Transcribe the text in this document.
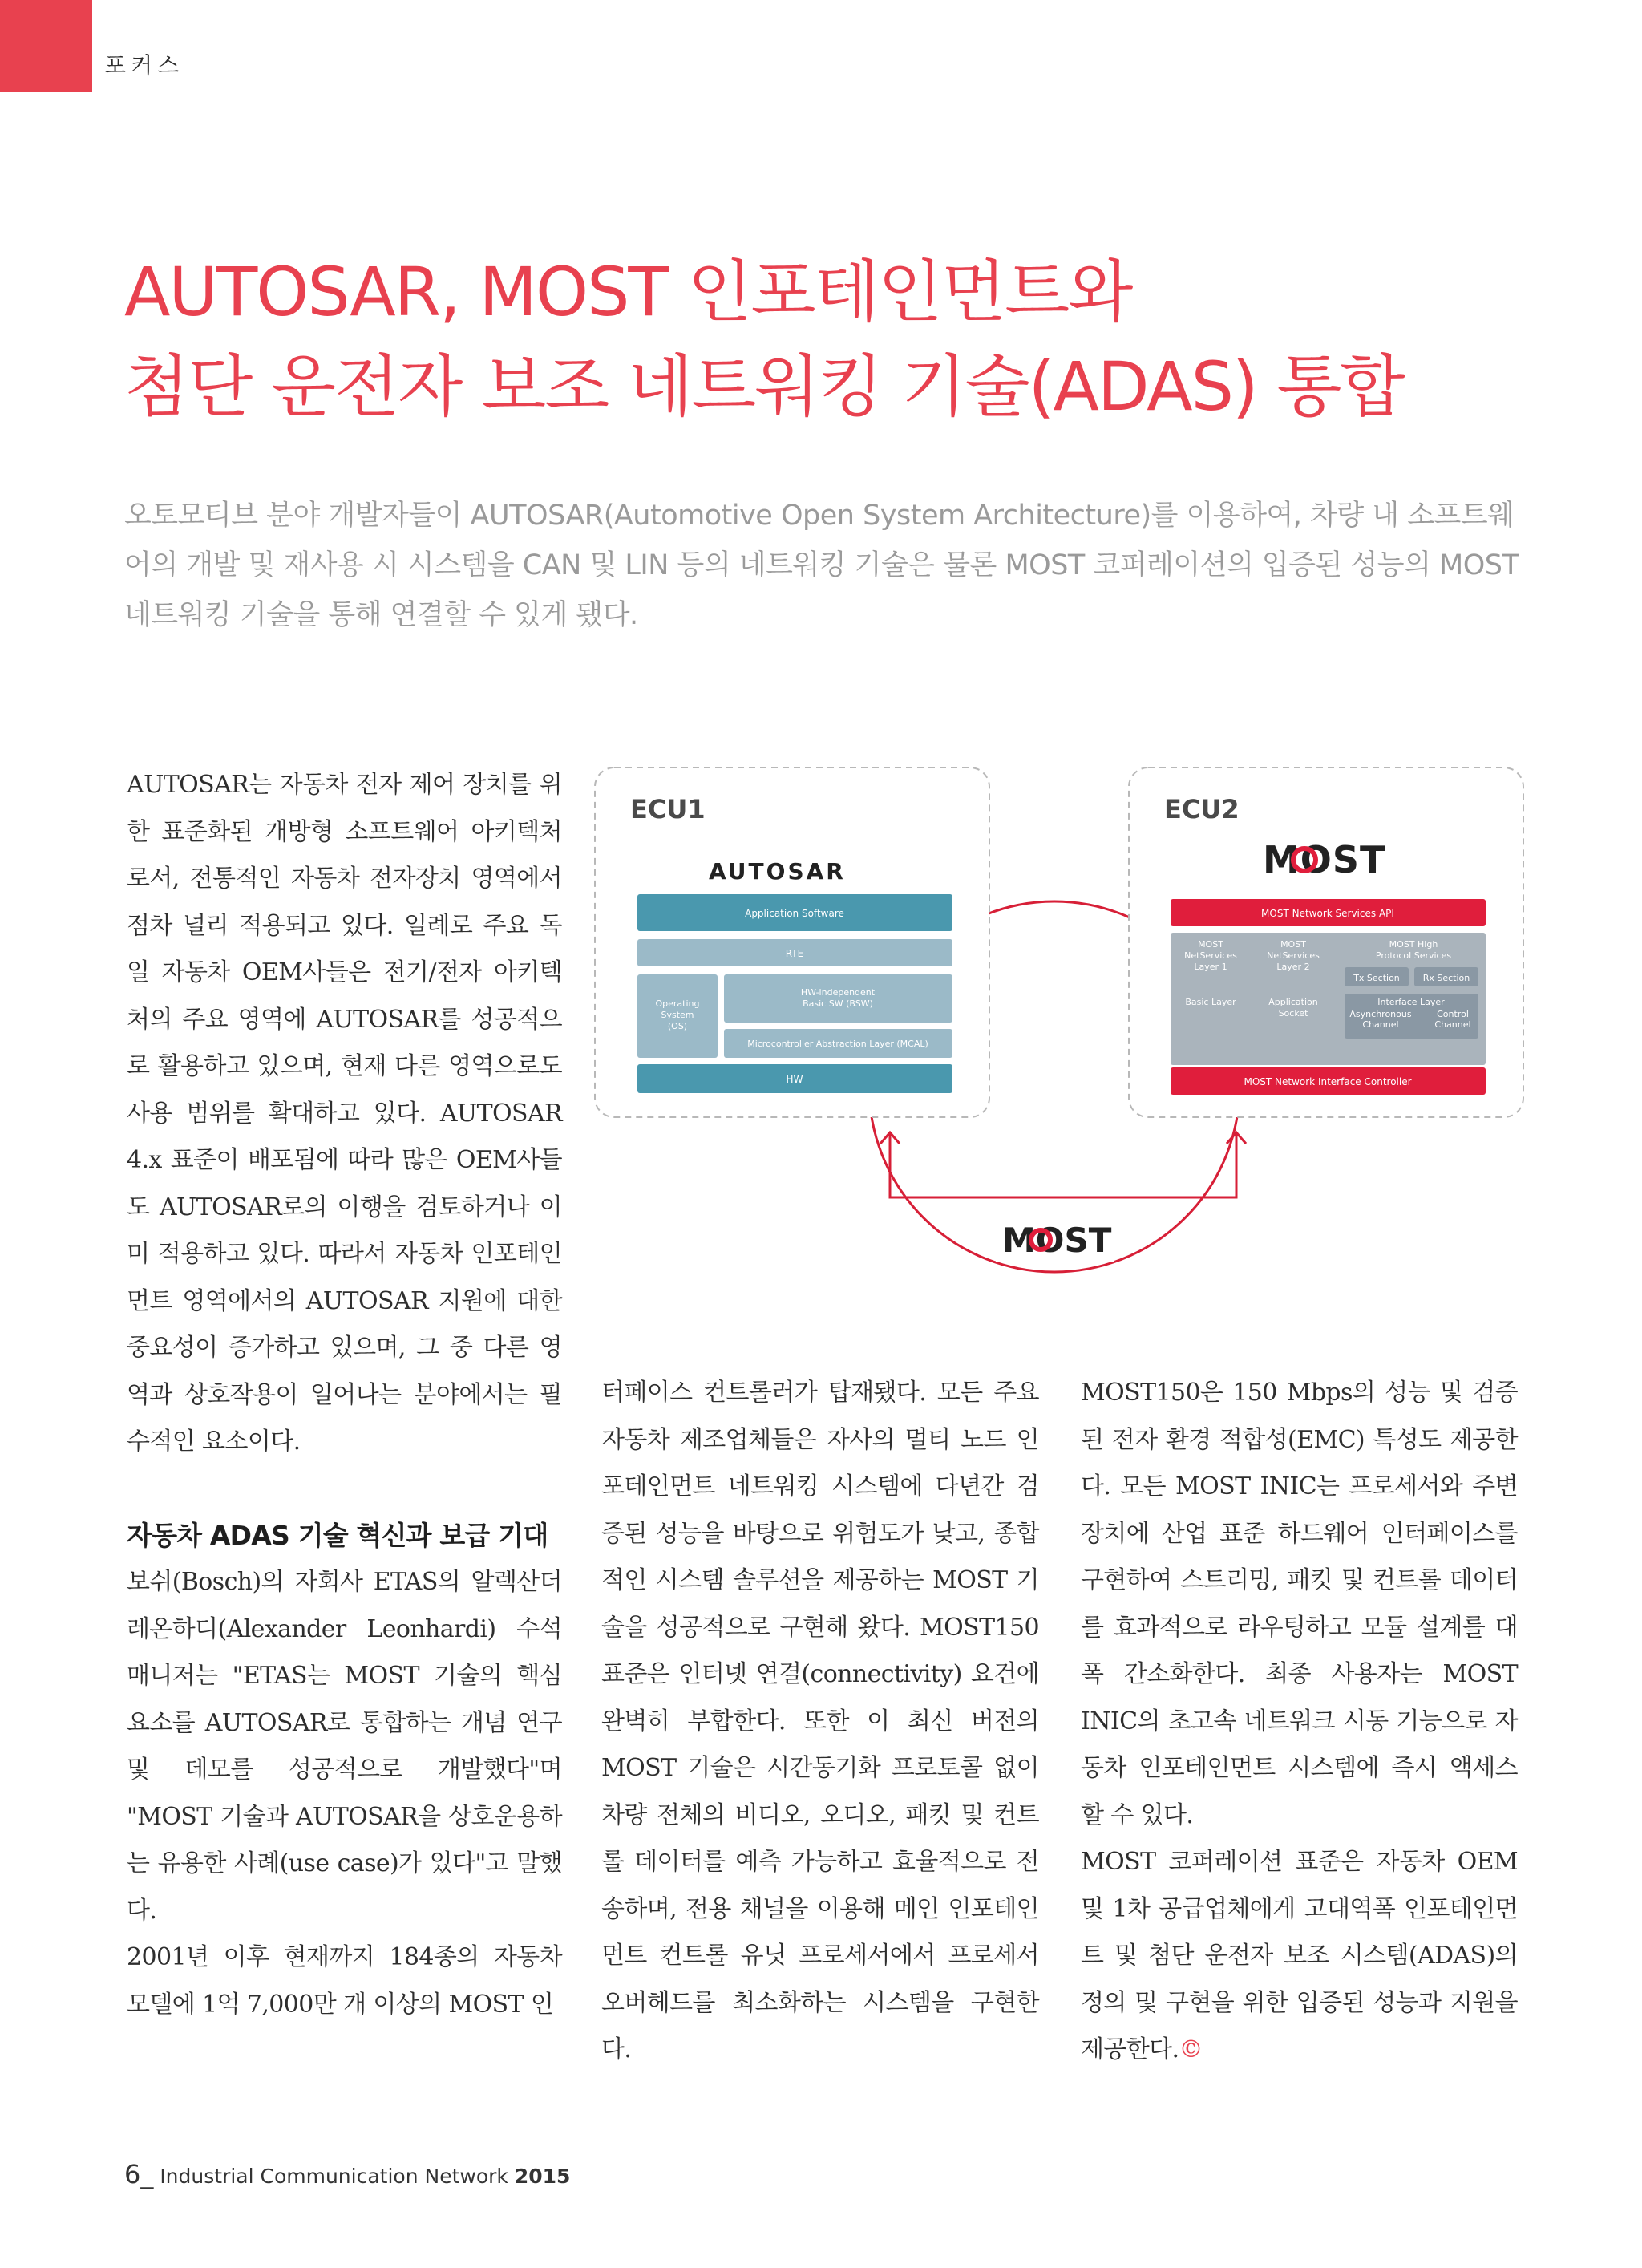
포커스
AUTOSAR, MOST 인포테인먼트와
첨단 운전자 보조 네트워킹 기술(ADAS) 통합
오토모티브 분야 개발자들이 AUTOSAR(Automotive Open System Architecture)를 이용하여, 차량 내 소프트웨어의 개발 및 재사용 시 시스템을 CAN 및 LIN 등의 네트워킹 기술은 물론 MOST 코퍼레이션의 입증된 성능의 MOST 네트워킹 기술을 통해 연결할 수 있게 됐다.

AUTOSAR는 자동차 전자 제어 장치를 위한 표준화된 개방형 소프트웨어 아키텍처로서, 전통적인 자동차 전자장치 영역에서 점차 널리 적용되고 있다. 일례로 주요 독일 자동차 OEM사들은 전기/전자 아키텍처의 주요 영역에 AUTOSAR를 성공적으로 활용하고 있으며, 현재 다른 영역으로도 사용 범위를 확대하고 있다. AUTOSAR 4.x 표준이 배포됨에 따라 많은 OEM사들도 AUTOSAR로의 이행을 검토하거나 이미 적용하고 있다. 따라서 자동차 인포테인먼트 영역에서의 AUTOSAR 지원에 대한 중요성이 증가하고 있으며, 그 중 다른 영역과 상호작용이 일어나는 분야에서는 필수적인 요소이다.

자동차 ADAS 기술 혁신과 보급 기대

보쉬(Bosch)의 자회사 ETAS의 알렉산더 레온하디(Alexander Leonhardi) 수석 매니저는 "ETAS는 MOST 기술의 핵심 요소를 AUTOSAR로 통합하는 개념 연구 및 데모를 성공적으로 개발했다"며 "MOST 기술과 AUTOSAR을 상호운용하는 유용한 사례(use case)가 있다"고 말했다.

2001년 이후 현재까지 184종의 자동차 모델에 1억 7,000만 개 이상의 MOST 인

ECU1
AUTOSAR
Application Software
RTE
Operating
System
(OS)
HW-independent
Basic SW (BSW)
Microcontroller Abstraction Layer (MCAL)
HW
ECU2
MOST
MOST Network Services API
MOST
NetServices
Layer 1
MOST
NetServices
Layer 2
MOST High
Protocol Services
Tx Section	Rx Section
Basic Layer	Application
Socket
Interface Layer
Asynchronous
Channel
Control
Channel
MOST Network Interface Controller
MOST

터페이스 컨트롤러가 탑재됐다. 모든 주요 자동차 제조업체들은 자사의 멀티 노드 인포테인먼트 네트워킹 시스템에 다년간 검증된 성능을 바탕으로 위험도가 낮고, 종합적인 시스템 솔루션을 제공하는 MOST 기술을 성공적으로 구현해 왔다. MOST150 표준은 인터넷 연결(connectivity) 요건에 완벽히 부합한다. 또한 이 최신 버전의 MOST 기술은 시간동기화 프로토콜 없이 차량 전체의 비디오, 오디오, 패킷 및 컨트롤 데이터를 예측 가능하고 효율적으로 전송하며, 전용 채널을 이용해 메인 인포테인먼트 컨트롤 유닛 프로세서에서 프로세서 오버헤드를 최소화하는 시스템을 구현한다.

MOST150은 150 Mbps의 성능 및 검증된 전자 환경 적합성(EMC) 특성도 제공한다. 모든 MOST INIC는 프로세서와 주변장치에 산업 표준 하드웨어 인터페이스를 구현하여 스트리밍, 패킷 및 컨트롤 데이터를 효과적으로 라우팅하고 모듈 설계를 대폭 간소화한다. 최종 사용자는 MOST INIC의 초고속 네트워크 시동 기능으로 자동차 인포테인먼트 시스템에 즉시 액세스할 수 있다.

MOST 코퍼레이션 표준은 자동차 OEM 및 1차 공급업체에게 고대역폭 인포테인먼트 및 첨단 운전자 보조 시스템(ADAS)의 정의 및 구현을 위한 입증된 성능과 지원을 제공한다.©

6_ Industrial Communication Network 2015
